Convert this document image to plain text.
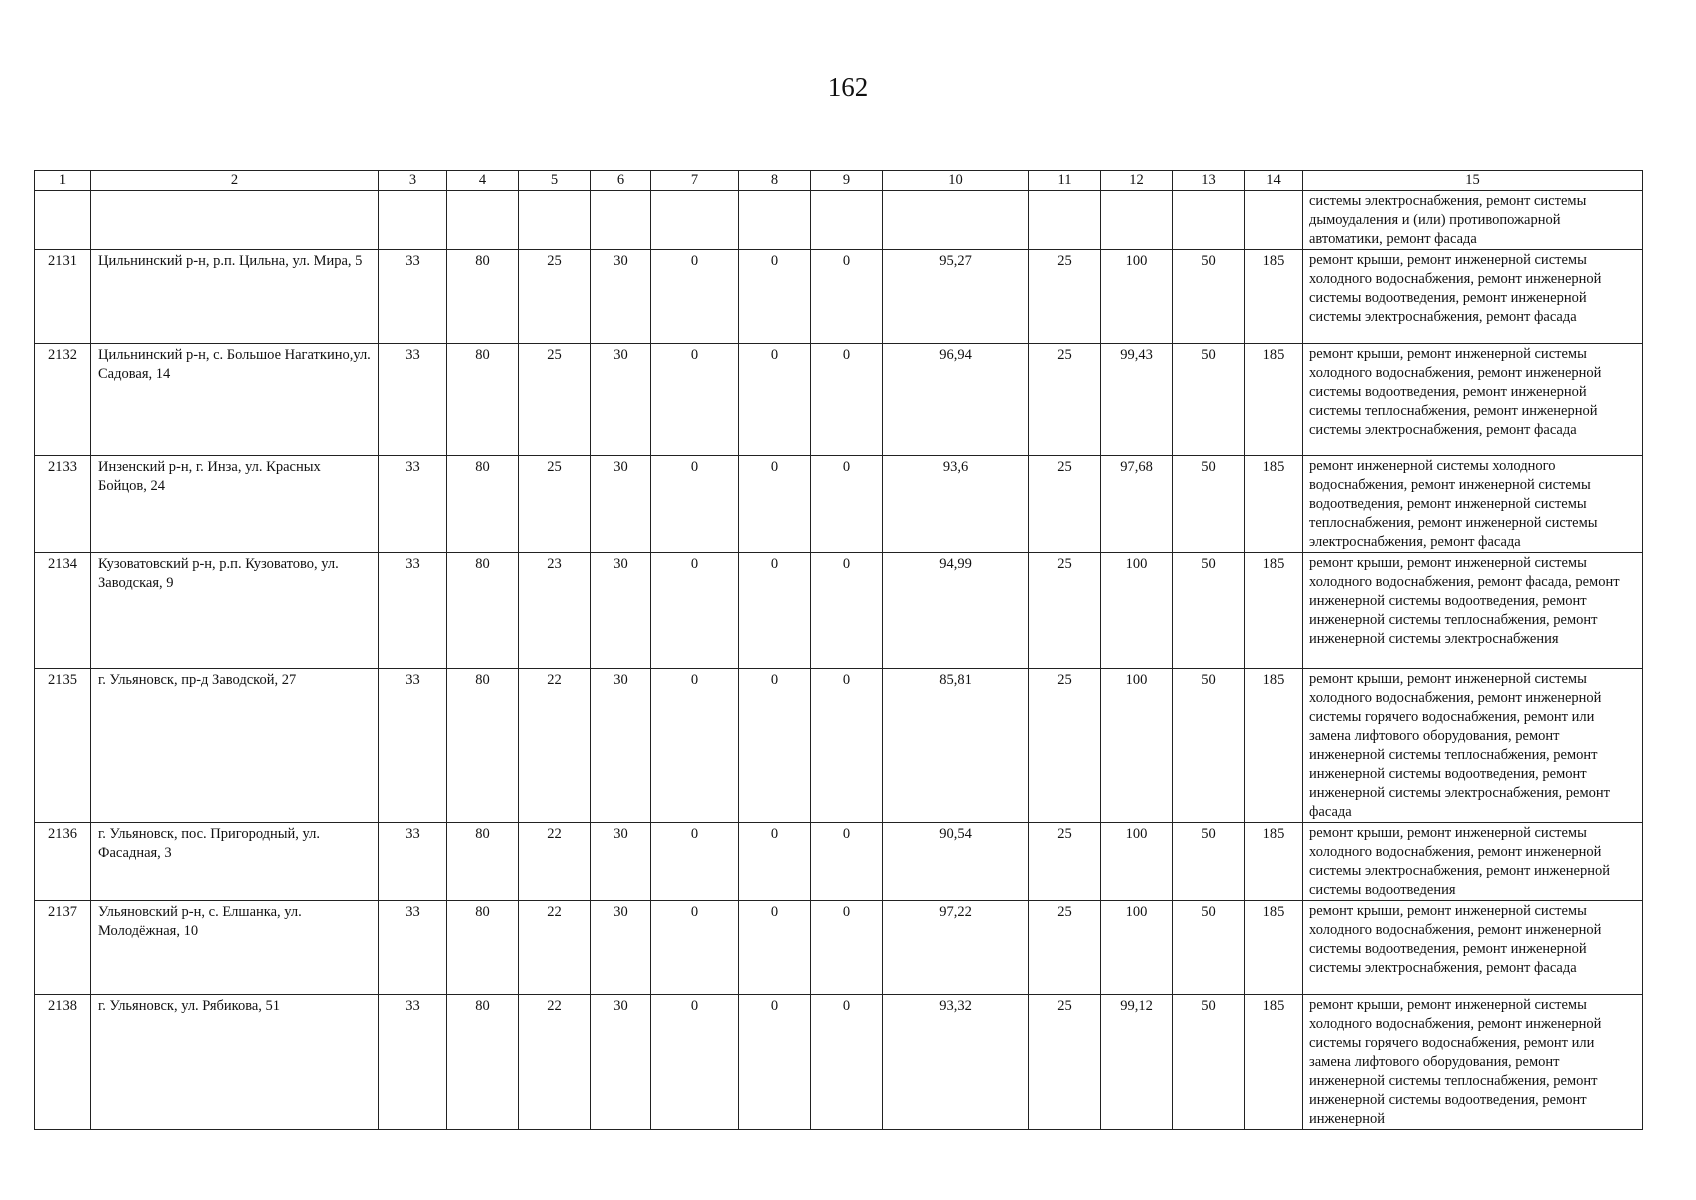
162
1	2	3	4	5	6	7	8	9	10	11	12	13	14	15
														системы электроснабжения, ремонт системы дымоудаления и (или) противопожарной автоматики, ремонт фасада
2131	Цильнинский р-н, р.п. Цильна, ул. Мира, 5	33	80	25	30	0	0	0	95,27	25	100	50	185	ремонт крыши, ремонт инженерной системы холодного водоснабжения, ремонт инженерной системы водоотведения, ремонт инженерной системы электроснабжения, ремонт фасада
2132	Цильнинский р-н, с. Большое Нагаткино,ул. Садовая, 14	33	80	25	30	0	0	0	96,94	25	99,43	50	185	ремонт крыши, ремонт инженерной системы холодного водоснабжения, ремонт инженерной системы водоотведения, ремонт инженерной системы теплоснабжения, ремонт инженерной системы электроснабжения, ремонт фасада
2133	Инзенский р-н, г. Инза, ул. Красных Бойцов, 24	33	80	25	30	0	0	0	93,6	25	97,68	50	185	ремонт инженерной системы холодного водоснабжения, ремонт инженерной системы водоотведения, ремонт инженерной системы теплоснабжения, ремонт инженерной системы электроснабжения, ремонт фасада
2134	Кузоватовский р-н, р.п. Кузоватово, ул. Заводская, 9	33	80	23	30	0	0	0	94,99	25	100	50	185	ремонт крыши, ремонт инженерной системы холодного водоснабжения, ремонт фасада, ремонт инженерной системы водоотведения, ремонт инженерной системы теплоснабжения, ремонт инженерной системы электроснабжения
2135	г. Ульяновск, пр-д Заводской, 27	33	80	22	30	0	0	0	85,81	25	100	50	185	ремонт крыши, ремонт инженерной системы холодного водоснабжения, ремонт инженерной системы горячего водоснабжения, ремонт или замена лифтового оборудования, ремонт инженерной системы теплоснабжения, ремонт инженерной системы водоотведения, ремонт инженерной системы электроснабжения, ремонт фасада
2136	г. Ульяновск, пос. Пригородный, ул. Фасадная, 3	33	80	22	30	0	0	0	90,54	25	100	50	185	ремонт крыши, ремонт инженерной системы холодного водоснабжения, ремонт инженерной системы электроснабжения, ремонт инженерной системы водоотведения
2137	Ульяновский р-н, с. Елшанка, ул. Молодёжная, 10	33	80	22	30	0	0	0	97,22	25	100	50	185	ремонт крыши, ремонт инженерной системы холодного водоснабжения, ремонт инженерной системы водоотведения, ремонт инженерной системы электроснабжения, ремонт фасада
2138	г. Ульяновск, ул. Рябикова, 51	33	80	22	30	0	0	0	93,32	25	99,12	50	185	ремонт крыши, ремонт инженерной системы холодного водоснабжения, ремонт инженерной системы горячего водоснабжения, ремонт или замена лифтового оборудования, ремонт инженерной системы теплоснабжения, ремонт инженерной системы водоотведения, ремонт инженерной
